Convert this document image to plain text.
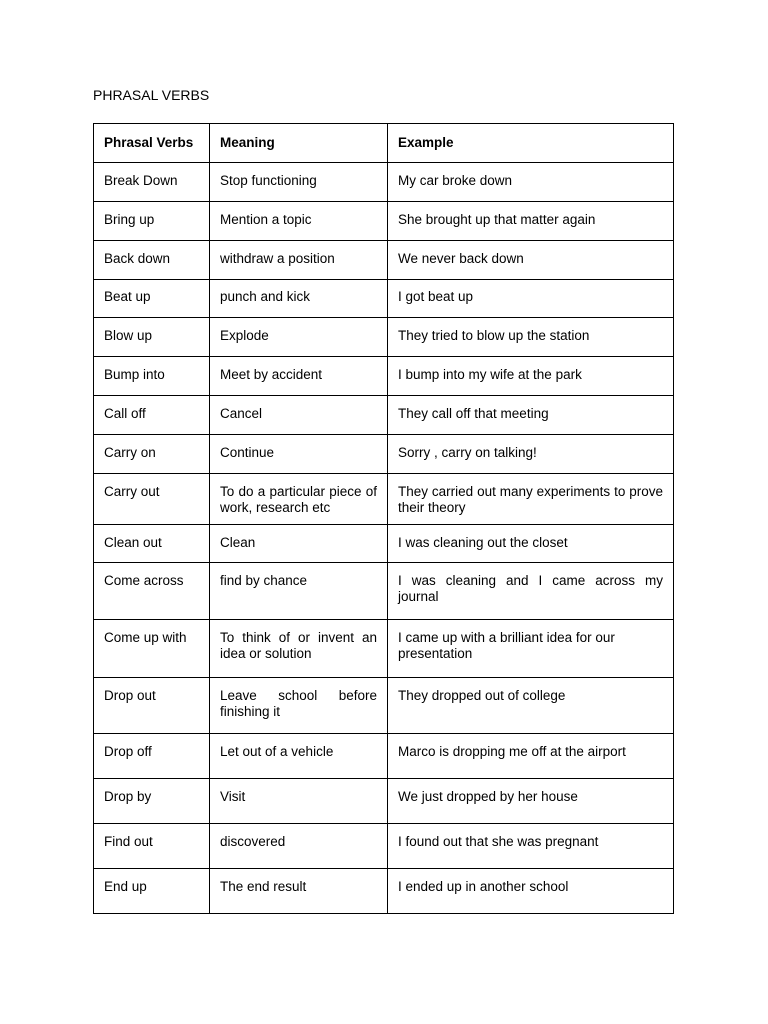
PHRASAL VERBS
Phrasal Verbs	Meaning	Example
Break Down	Stop functioning	My car broke down
Bring up	Mention a topic	She brought up that matter again
Back down	withdraw a position	We never back down
Beat up	punch and kick	I got beat up
Blow up	Explode	They tried to blow up the station
Bump into	Meet by accident	I bump into my wife at the park
Call off	Cancel	They call off that meeting
Carry on	Continue	Sorry , carry on talking!
Carry out	To do a particular piece of work, research etc	They carried out many experiments to prove their theory
Clean out	Clean	I was cleaning out the closet
Come across	find by chance	I was cleaning and I came across my journal
Come up with	To think of or invent an idea or solution	I came up with a brilliant idea for our presentation
Drop out	Leave school before finishing it	They dropped out of college
Drop off	Let out of a vehicle	Marco is dropping me off at the airport
Drop by	Visit	We just dropped by her house
Find out	discovered	I found out that she was pregnant
End up	The end result	I ended up in another school
